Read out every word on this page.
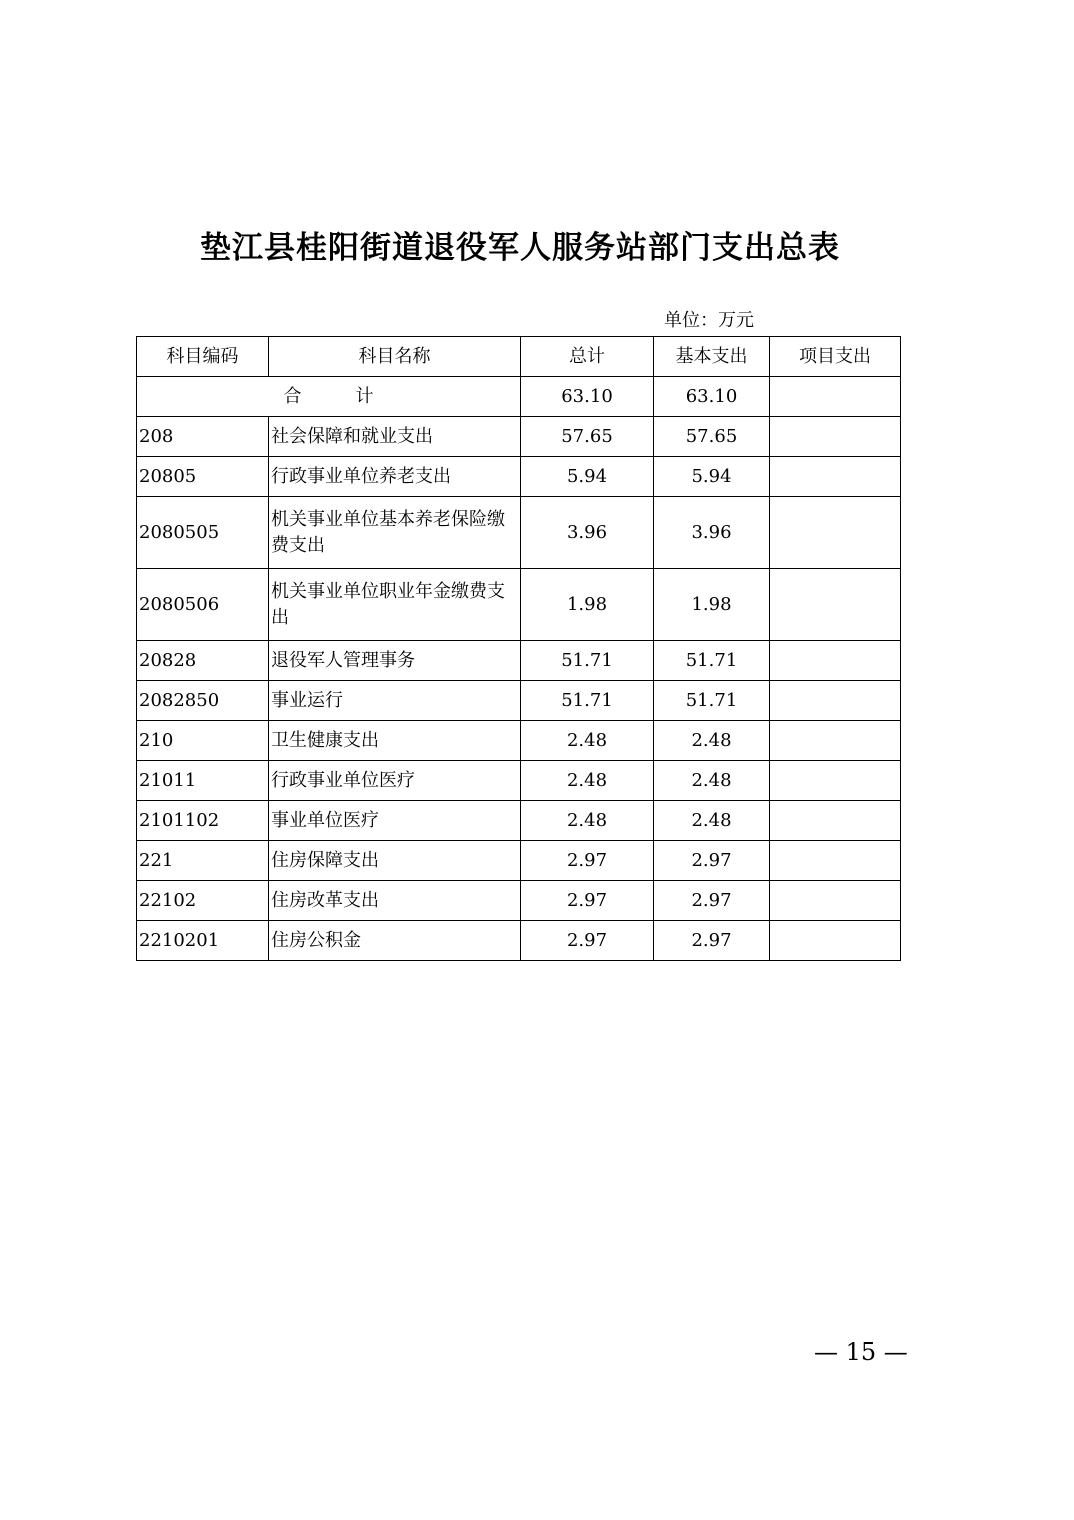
垫江县桂阳街道退役军人服务站部门支出总表
单位：万元
科目编码	科目名称	总计	基本支出	项目支出
合　　　计		63.10	63.10	
208	社会保障和就业支出	57.65	57.65	
20805	行政事业单位养老支出	5.94	5.94	
2080505	机关事业单位基本养老保险缴费支出	3.96	3.96	
2080506	机关事业单位职业年金缴费支出	1.98	1.98	
20828	退役军人管理事务	51.71	51.71	
2082850	事业运行	51.71	51.71	
210	卫生健康支出	2.48	2.48	
21011	行政事业单位医疗	2.48	2.48	
2101102	事业单位医疗	2.48	2.48	
221	住房保障支出	2.97	2.97	
22102	住房改革支出	2.97	2.97	
2210201	住房公积金	2.97	2.97	
— 15 —
